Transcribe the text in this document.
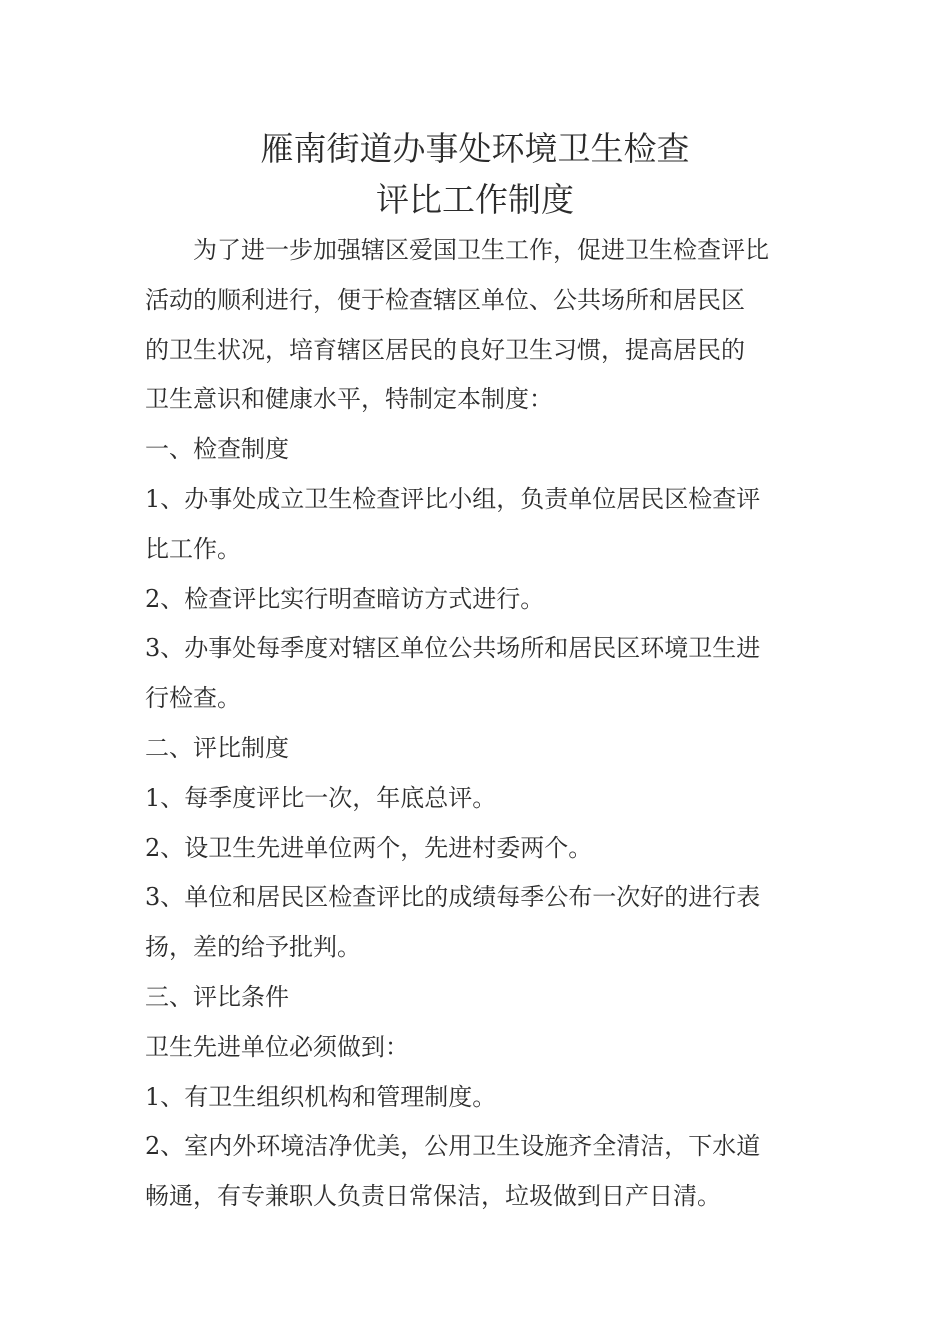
雁南街道办事处环境卫生检查
评比工作制度

为了进一步加强辖区爱国卫生工作，促进卫生检查评比

活动的顺利进行，便于检查辖区单位、公共场所和居民区

的卫生状况，培育辖区居民的良好卫生习惯，提高居民的

卫生意识和健康水平，特制定本制度：

一、检查制度

1、办事处成立卫生检查评比小组，负责单位居民区检查评

比工作。

2、检查评比实行明查暗访方式进行。

3、办事处每季度对辖区单位公共场所和居民区环境卫生进

行检查。

二、评比制度

1、每季度评比一次，年底总评。

2、设卫生先进单位两个，先进村委两个。

3、单位和居民区检查评比的成绩每季公布一次好的进行表

扬，差的给予批判。

三、评比条件

卫生先进单位必须做到：

1、有卫生组织机构和管理制度。

2、室内外环境洁净优美，公用卫生设施齐全清洁，下水道

畅通，有专兼职人负责日常保洁，垃圾做到日产日清。
